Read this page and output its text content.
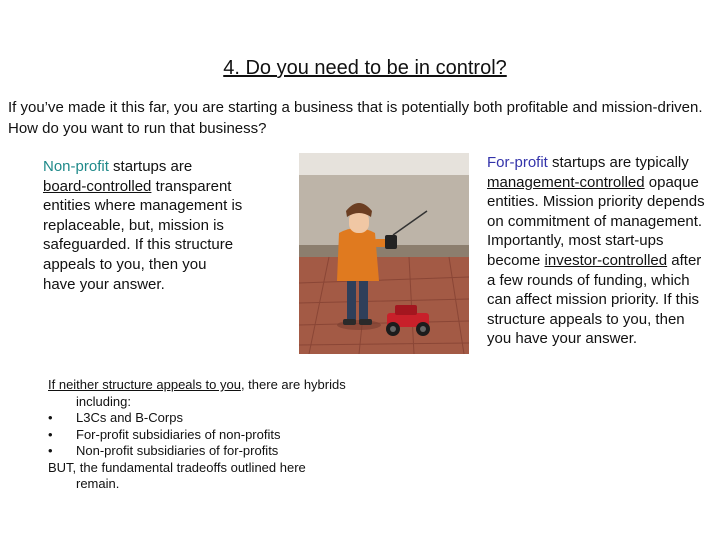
4. Do you need to be in control?
If you’ve made it this far, you are starting a business that is potentially both profitable and mission-driven. How do you want to run that business?
Non-profit startups are
board-controlled transparent entities where management is replaceable, but, mission is safeguarded. If this structure appeals to you, then you have your answer.
For-profit startups are typically management-controlled opaque entities. Mission priority depends on commitment of management. Importantly, most start-ups become investor-controlled after a few rounds of funding, which can affect mission priority. If this structure appeals to you, then you have your answer.
If neither structure appeals to you, there are hybrids
including:
• L3Cs and B-Corps
• For-profit subsidiaries of non-profits
• Non-profit subsidiaries of for-profits
BUT, the fundamental tradeoffs outlined here
remain.
